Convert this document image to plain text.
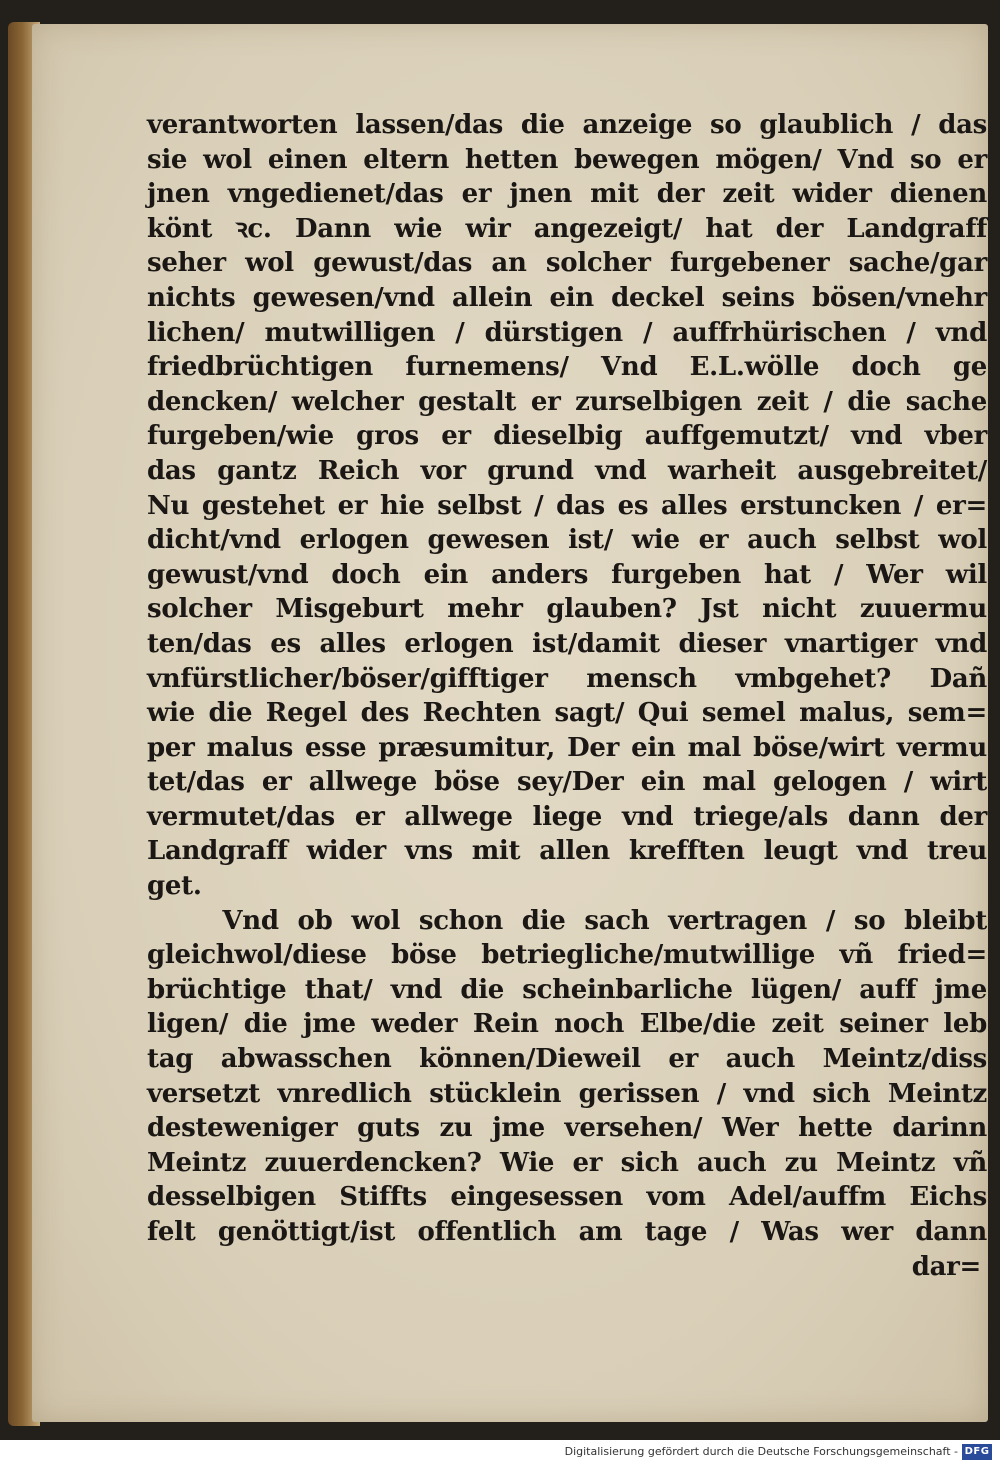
verantworten lassen/das die anzeige so glaublich / das
sie wol einen eltern hetten bewegen mögen/ Vnd so er
jnen vngedienet/das er jnen mit der zeit wider dienen
könt ꝛc. Dann wie wir angezeigt/ hat der Landgraff
seher wol gewust/das an solcher furgebener sache/gar
nichts gewesen/vnd allein ein deckel seins bösen/vnehr
lichen/ mutwilligen / dürstigen / auffrhürischen / vnd
friedbrüchtigen furnemens/ Vnd E.L.wölle doch ge
dencken/ welcher gestalt er zurselbigen zeit / die sache
furgeben/wie gros er dieselbig auffgemutzt/ vnd vber
das gantz Reich vor grund vnd warheit ausgebreitet/
Nu gestehet er hie selbst / das es alles erstuncken / er=
dicht/vnd erlogen gewesen ist/ wie er auch selbst wol
gewust/vnd doch ein anders furgeben hat / Wer wil
solcher Misgeburt mehr glauben? Jst nicht zuuermu
ten/das es alles erlogen ist/damit dieser vnartiger vnd
vnfürstlicher/böser/gifftiger mensch vmbgehet? Dañ
wie die Regel des Rechten sagt/ Qui semel malus, sem=
per malus esse præsumitur, Der ein mal böse/wirt vermu
tet/das er allwege böse sey/Der ein mal gelogen / wirt
vermutet/das er allwege liege vnd triege/als dann der
Landgraff wider vns mit allen krefften leugt vnd treu
get.
Vnd ob wol schon die sach vertragen / so bleibt
gleichwol/diese böse betriegliche/mutwillige vñ fried=
brüchtige that/ vnd die scheinbarliche lügen/ auff jme
ligen/ die jme weder Rein noch Elbe/die zeit seiner leb
tag abwasschen können/Dieweil er auch Meintz/diss
versetzt vnredlich stücklein gerissen / vnd sich Meintz
desteweniger guts zu jme versehen/ Wer hette darinn
Meintz zuuerdencken? Wie er sich auch zu Meintz vñ
desselbigen Stiffts eingesessen vom Adel/auffm Eichs
felt genöttigt/ist offentlich am tage / Was wer dann
dar=
Digitalisierung gefördert durch die Deutsche Forschungsgemeinschaft - DFG
